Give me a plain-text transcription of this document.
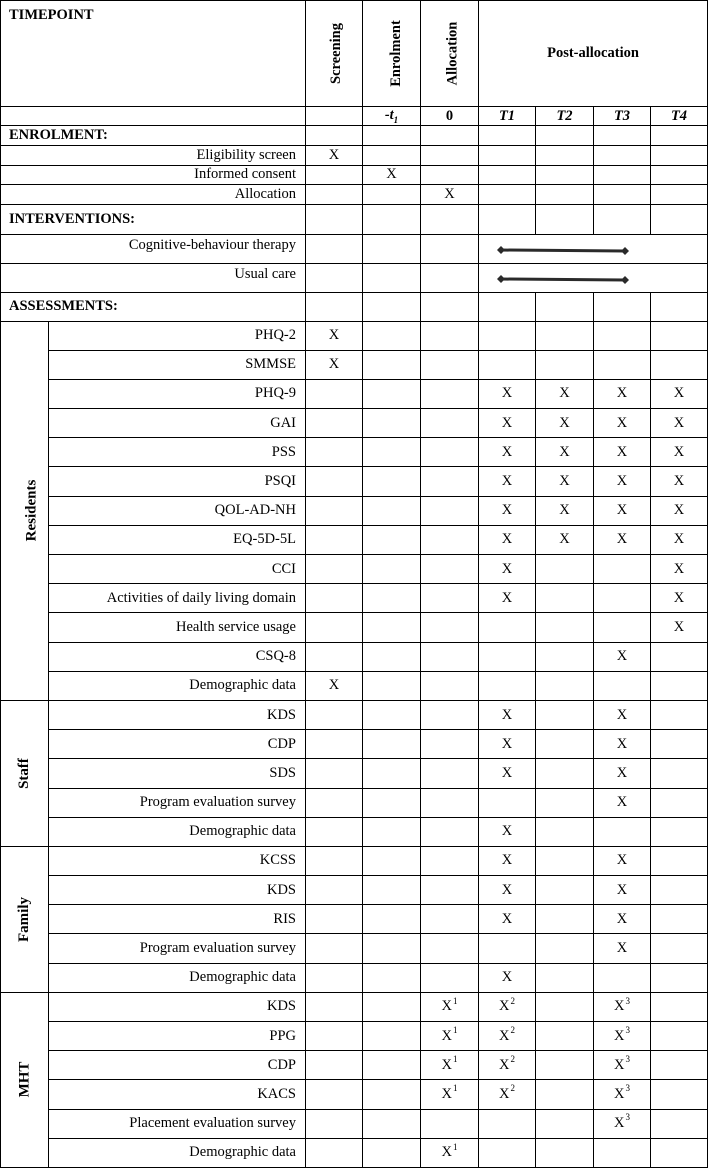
TIMEPOINT		Screening	Enrolment	Allocation	Post-allocation			
			$-t_1$	0	T1	T2	T3	T4
ENROLMENT:								
Eligibility screen		X						
Informed consent			X					
Allocation				X				
INTERVENTIONS:								
Cognitive-behaviour therapy				

Usual care				

ASSESSMENTS:								
Residents	PHQ-2	X						
	SMMSE	X						
	PHQ-9				X	X	X	X
	GAI				X	X	X	X
	PSS				X	X	X	X
	PSQI				X	X	X	X
	QOL-AD-NH				X	X	X	X
	EQ-5D-5L				X	X	X	X
	CCI				X			X
	Activities of daily living domain				X			X
	Health service usage							X
	CSQ-8						X	
	Demographic data	X						
Staff	KDS				X		X	
	CDP				X		X	
	SDS				X		X	
	Program evaluation survey						X	
	Demographic data				X			
Family	KCSS				X		X	
	KDS				X		X	
	RIS				X		X	
	Program evaluation survey						X	
	Demographic data				X			
MHT	KDS			$X^1$	$X^2$		$X^3$	
	PPG			$X^1$	$X^2$		$X^3$	
	CDP			$X^1$	$X^2$		$X^3$	
	KACS			$X^1$	$X^2$		$X^3$	
	Placement evaluation survey						$X^3$	
	Demographic data			$X^1$				
